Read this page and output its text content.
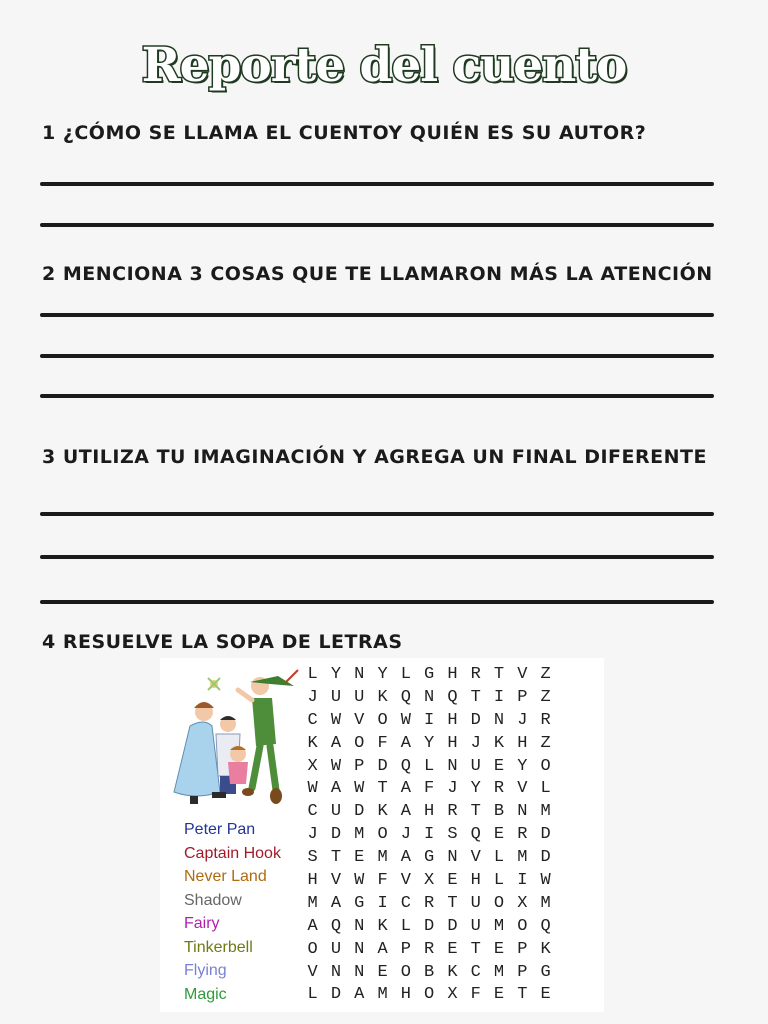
Reporte del cuento
1 ¿CÓMO SE LLAMA EL CUENTOY QUIÉN ES SU AUTOR?
2 MENCIONA 3 COSAS QUE TE LLAMARON MÁS LA ATENCIÓN
3 UTILIZA TU IMAGINACIÓN Y AGREGA UN FINAL DIFERENTE
4 RESUELVE LA SOPA DE LETRAS
Peter Pan
Captain Hook
Never Land
Shadow
Fairy
Tinkerbell
Flying
Magic
L	Y	N	Y	L	G	H	R	T	V	Z
J	U	U	K	Q	N	Q	T	I	P	Z
C	W	V	O	W	I	H	D	N	J	R
K	A	O	F	A	Y	H	J	K	H	Z
X	W	P	D	Q	L	N	U	E	Y	O
W	A	W	T	A	F	J	Y	R	V	L
C	U	D	K	A	H	R	T	B	N	M
J	D	M	O	J	I	S	Q	E	R	D
S	T	E	M	A	G	N	V	L	M	D
H	V	W	F	V	X	E	H	L	I	W
M	A	G	I	C	R	T	U	O	X	M
A	Q	N	K	L	D	D	U	M	O	Q
O	U	N	A	P	R	E	T	E	P	K
V	N	N	E	O	B	K	C	M	P	G
L	D	A	M	H	O	X	F	E	T	E
